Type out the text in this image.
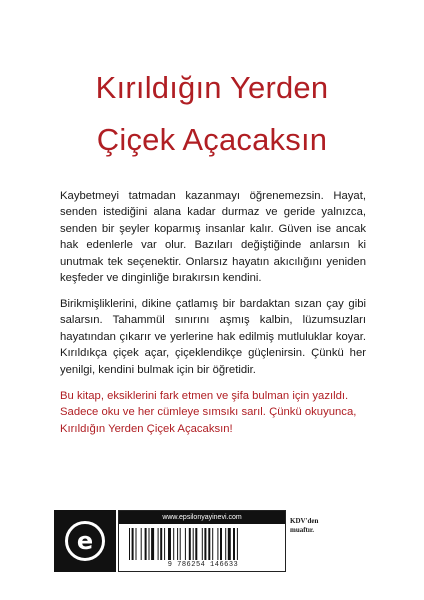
Kırıldığın Yerden
Çiçek Açacaksın

Kaybetmeyi tatmadan kazanmayı öğrenemezsin. Hayat, senden istediğini alana kadar durmaz ve geride yalnızca, senden bir şeyler koparmış insanlar kalır. Güven ise ancak hak edenlerle var olur. Bazıları değiştiğinde anlarsın ki unutmak tek seçenektir. Onlarsız hayatın akıcılığını yeniden keşfeder ve dinginliğe bırakırsın kendini.

Birikmişliklerini, dikine çatlamış bir bardaktan sızan çay gibi salarsın. Tahammül sınırını aşmış kalbin, lüzumsuzları hayatından çıkarır ve yerlerine hak edilmiş mutluluklar koyar. Kırıldıkça çiçek açar, çiçeklendikçe güçlenirsin. Çünkü her yenilgi, kendini bulmak için bir öğretidir.

Bu kitap, eksiklerini fark etmen ve şifa bulman için yazıldı. Sadece oku ve her cümleye sımsıkı sarıl. Çünkü okuyunca, Kırıldığın Yerden Çiçek Açacaksın!

e
www.epsilonyayinevi.com
9 786254 146633
KDV'den
muaftır.
